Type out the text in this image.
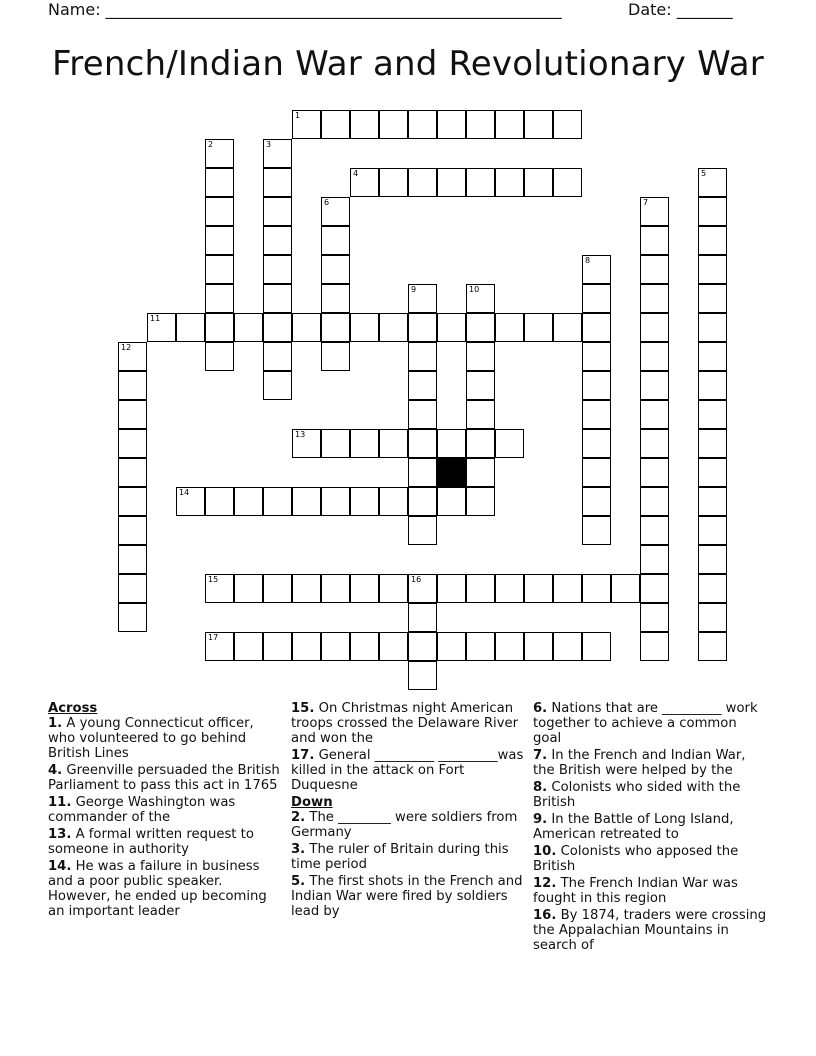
Name: _________________________________________________________	Date: _______
French/Indian War and Revolutionary War
1
2	3
4	5
6	7
8
9	10
11
12
13
14
15	16
17

Across

1. A young Connecticut officer, who volunteered to go behind British Lines

4. Greenville persuaded the British Parliament to pass this act in 1765

11. George Washington was commander of the

13. A formal written request to someone in authority

14. He was a failure in business and a poor public speaker. However, he ended up becoming an important leader

15. On Christmas night American troops crossed the Delaware River and won the

17. General _________ _________was killed in the attack on Fort Duquesne

Down

2. The ________ were soldiers from Germany

3. The ruler of Britain during this time period

5. The first shots in the French and Indian War were fired by soldiers lead by

6. Nations that are _________ work together to achieve a common goal

7. In the French and Indian War, the British were helped by the

8. Colonists who sided with the British

9. In the Battle of Long Island, American retreated to

10. Colonists who apposed the British

12. The French Indian War was fought in this region

16. By 1874, traders were crossing the Appalachian Mountains in search of
